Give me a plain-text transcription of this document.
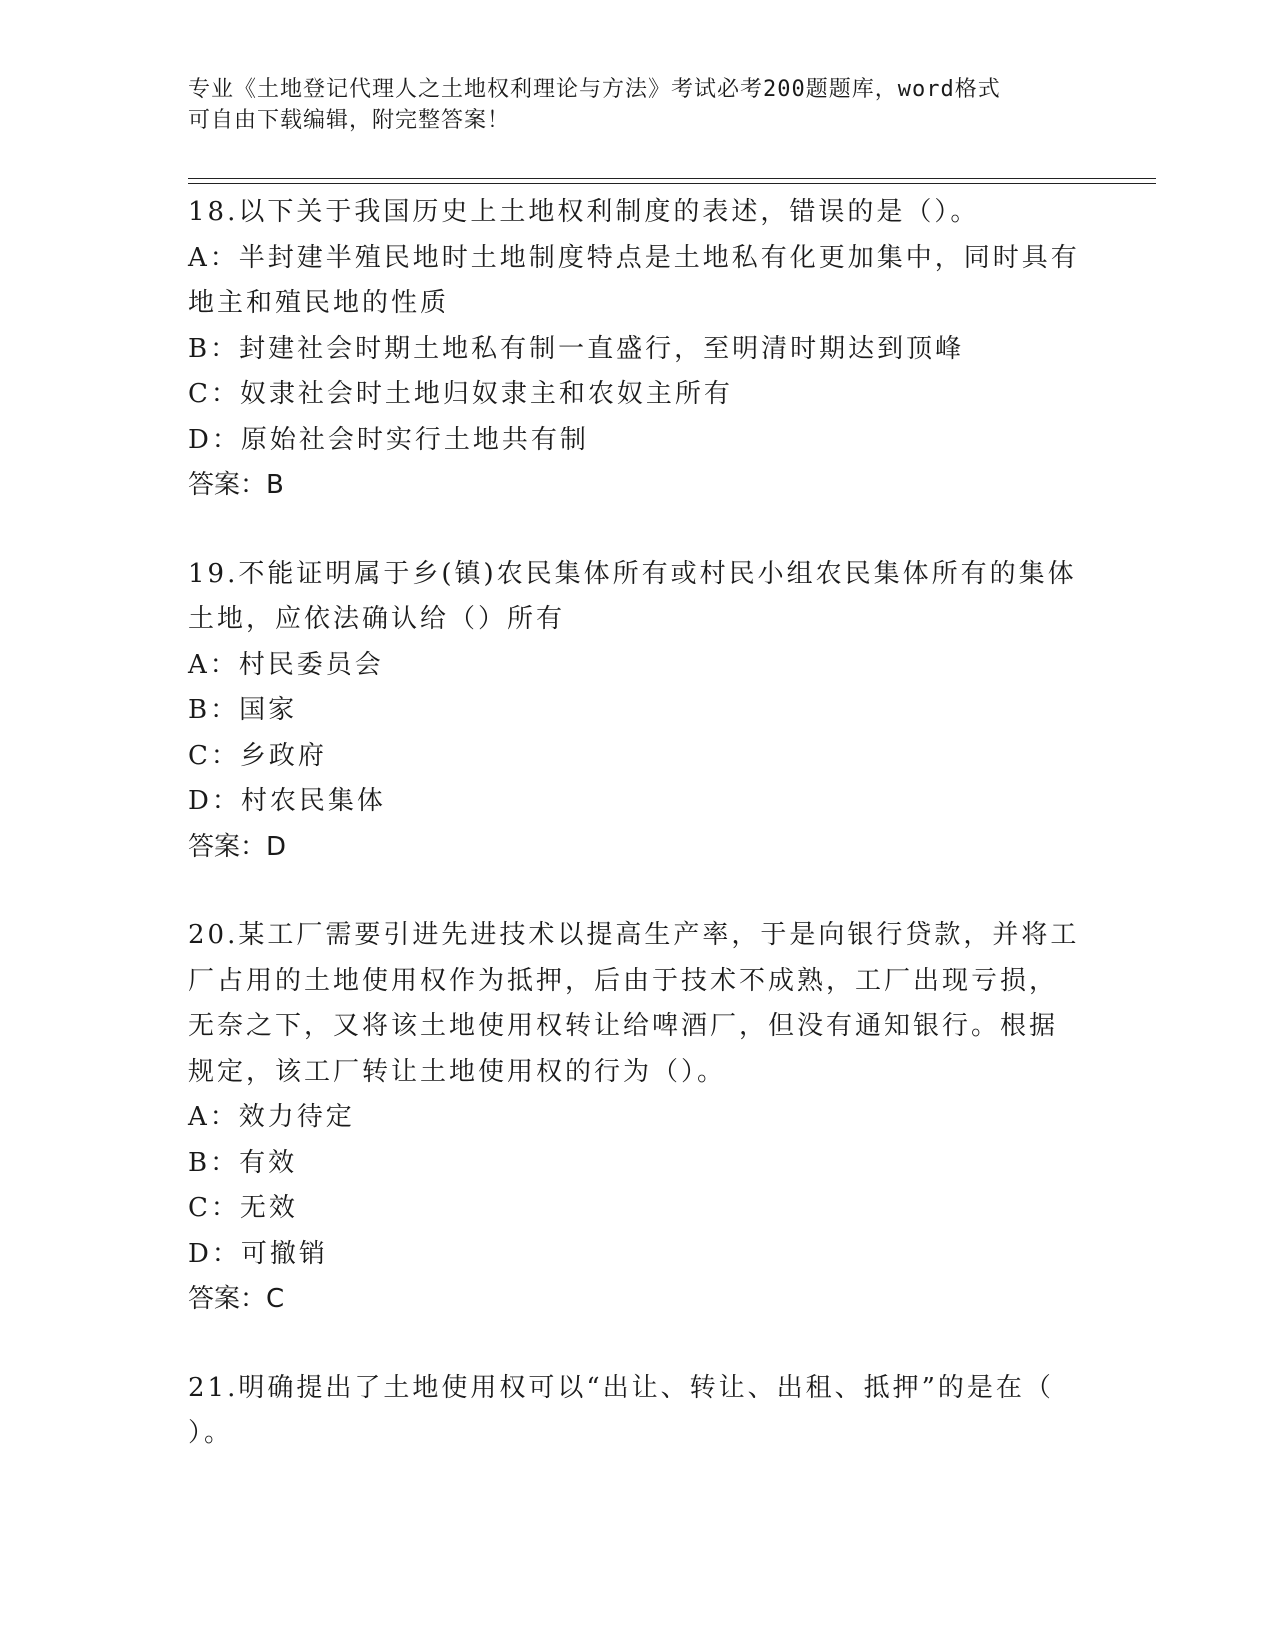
专业《土地登记代理人之土地权利理论与方法》考试必考200题题库，word格式
可自由下载编辑，附完整答案！
18.以下关于我国历史上土地权利制度的表述，错误的是（）。
A：半封建半殖民地时土地制度特点是土地私有化更加集中，同时具有
地主和殖民地的性质
B：封建社会时期土地私有制一直盛行，至明清时期达到顶峰
C：奴隶社会时土地归奴隶主和农奴主所有
D：原始社会时实行土地共有制
答案：B
19.不能证明属于乡(镇)农民集体所有或村民小组农民集体所有的集体
土地，应依法确认给（）所有
A：村民委员会
B：国家
C：乡政府
D：村农民集体
答案：D
20.某工厂需要引进先进技术以提高生产率，于是向银行贷款，并将工
厂占用的土地使用权作为抵押，后由于技术不成熟，工厂出现亏损，
无奈之下，又将该土地使用权转让给啤酒厂，但没有通知银行。根据
规定，该工厂转让土地使用权的行为（）。
A：效力待定
B：有效
C：无效
D：可撤销
答案：C
21.明确提出了土地使用权可以“出让、转让、出租、抵押”的是在（
）。
